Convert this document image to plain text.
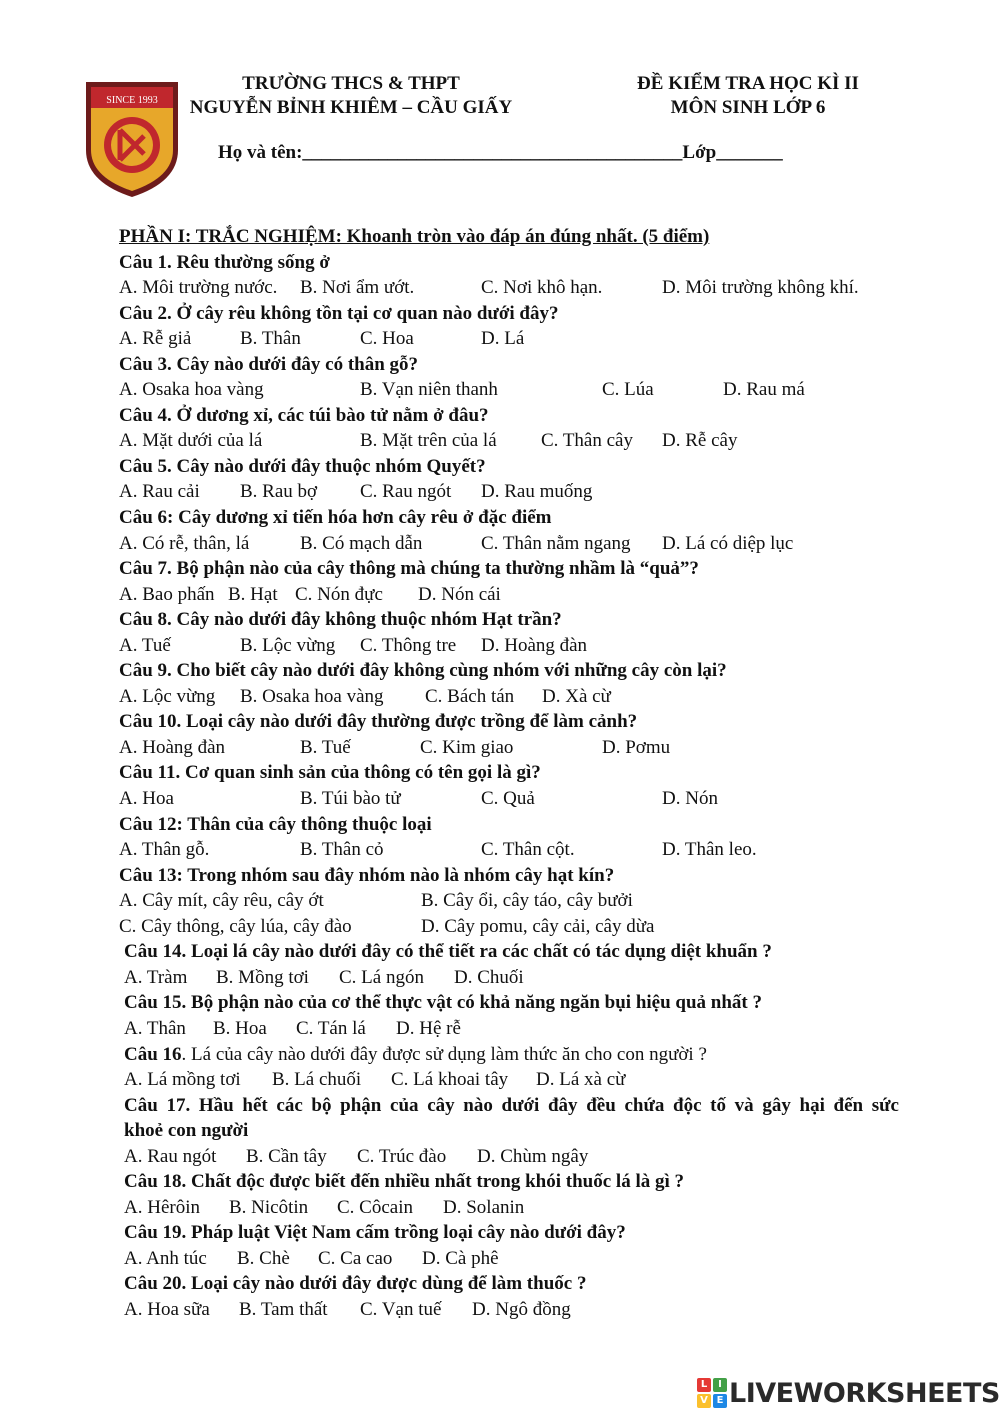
SINCE 1993
TRƯỜNG THCS & THPT
NGUYỄN BỈNH KHIÊM – CẦU GIẤY
ĐỀ KIỂM TRA HỌC KÌ II
MÔN SINH LỚP 6
Họ và tên:________________________________________Lớp_______
PHẦN I: TRẮC NGHIỆM: Khoanh tròn vào đáp án đúng nhất. (5 điểm)
Câu 1. Rêu thường sống ở
A. Môi trường nước. B. Nơi ẩm ướt.	C. Nơi khô hạn.	D. Môi trường không khí.
Câu 2. Ở cây rêu không tồn tại cơ quan nào dưới đây?
A. Rễ giả	B. Thân	C. Hoa	D. Lá
Câu 3. Cây nào dưới đây có thân gỗ?
A. Osaka hoa vàng	B. Vạn niên thanh	C. Lúa	D. Rau má
Câu 4. Ở dương xỉ, các túi bào tử nằm ở đâu?
A. Mặt dưới của lá	B. Mặt trên của lá C. Thân cây D. Rễ cây
Câu 5. Cây nào dưới đây thuộc nhóm Quyết?
A. Rau cải B. Rau bợ C. Rau ngót D. Rau muống
Câu 6: Cây dương xỉ tiến hóa hơn cây rêu ở đặc điểm
A. Có rễ, thân, lá	B. Có mạch dẫn	C. Thân nằm ngang D. Lá có diệp lục
Câu 7. Bộ phận nào của cây thông mà chúng ta thường nhầm là “quả”?
A. Bao phấn B. Hạt C. Nón đực D. Nón cái
Câu 8. Cây nào dưới đây không thuộc nhóm Hạt trần?
A. Tuế	B. Lộc vừng C. Thông tre D. Hoàng đàn
Câu 9. Cho biết cây nào dưới đây không cùng nhóm với những cây còn lại?
A. Lộc vừng B. Osaka hoa vàng C. Bách tán D. Xà cừ
Câu 10. Loại cây nào dưới đây thường được trồng để làm cảnh?
A. Hoàng đàn	B. Tuế	C. Kim giao	D. Pơmu
Câu 11. Cơ quan sinh sản của thông có tên gọi là gì?
A. Hoa	B. Túi bào tử	C. Quả	D. Nón
Câu 12: Thân của cây thông thuộc loại
A. Thân gỗ.	B. Thân cỏ	C. Thân cột.	D. Thân leo.
Câu 13: Trong nhóm sau đây nhóm nào là nhóm cây hạt kín?
A. Cây mít, cây rêu, cây ớt	B. Cây ổi, cây táo, cây bưởi
C. Cây thông, cây lúa, cây đào	D. Cây pomu, cây cải, cây dừa
Câu 14. Loại lá cây nào dưới đây có thể tiết ra các chất có tác dụng diệt khuẩn ?
A. Tràm B. Mồng tơi C. Lá ngón D. Chuối
Câu 15. Bộ phận nào của cơ thể thực vật có khả năng ngăn bụi hiệu quả nhất ?
A. Thân B. Hoa C. Tán lá D. Hệ rễ
Câu 16. Lá của cây nào dưới đây được sử dụng làm thức ăn cho con người ?
A. Lá mồng tơi B. Lá chuối C. Lá khoai tây D. Lá xà cừ
Câu 17. Hầu hết các bộ phận của cây nào dưới đây đều chứa độc tố và gây hại đến sức
khoẻ con người
A. Rau ngót B. Cần tây C. Trúc đào D. Chùm ngây
Câu 18. Chất độc được biết đến nhiều nhất trong khói thuốc lá là gì ?
A. Hêrôin B. Nicôtin C. Côcain D. Solanin
Câu 19. Pháp luật Việt Nam cấm trồng loại cây nào dưới đây?
A. Anh túc B. Chè C. Ca cao D. Cà phê
Câu 20. Loại cây nào dưới đây được dùng để làm thuốc ?
A. Hoa sữa B. Tam thất C. Vạn tuế D. Ngô đồng
L	I
V E LIVEWORKSHEETS
